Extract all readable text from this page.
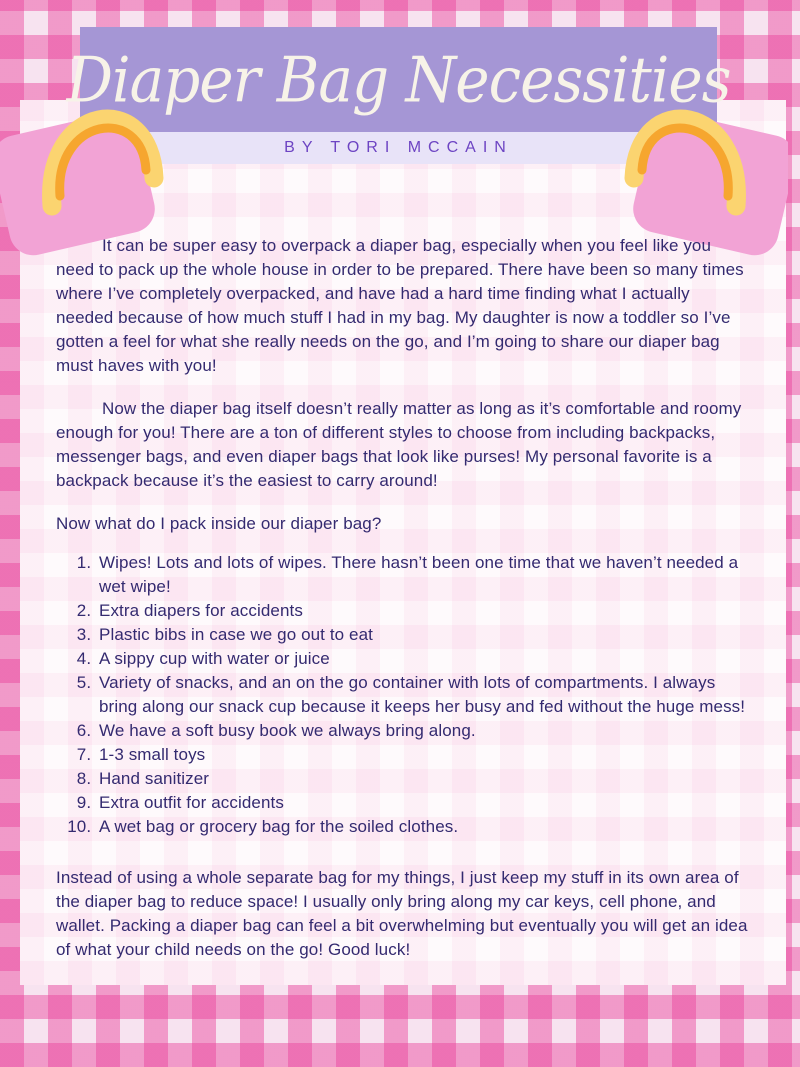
Diaper Bag Necessities
BY TORI MCCAIN

It can be super easy to overpack a diaper bag, especially when you feel like you need to pack up the whole house in order to be prepared. There have been so many times where I’ve completely overpacked, and have had a hard time finding what I actually needed because of how much stuff I had in my bag. My daughter is now a toddler so I’ve gotten a feel for what she really needs on the go, and I’m going to share our diaper bag must haves with you!

Now the diaper bag itself doesn’t really matter as long as it’s comfortable and roomy enough for you! There are a ton of different styles to choose from including backpacks, messenger bags, and even diaper bags that look like purses! My personal favorite is a backpack because it’s the easiest to carry around!

Now what do I pack inside our diaper bag?

1. Wipes! Lots and lots of wipes. There hasn’t been one time that we haven’t needed a wet wipe!
2. Extra diapers for accidents
3. Plastic bibs in case we go out to eat
4. A sippy cup with water or juice
5. Variety of snacks, and an on the go container with lots of compartments. I always bring along our snack cup because it keeps her busy and fed without the huge mess!
6. We have a soft busy book we always bring along.
7. 1-3 small toys
8. Hand sanitizer
9. Extra outfit for accidents
10. A wet bag or grocery bag for the soiled clothes.

Instead of using a whole separate bag for my things, I just keep my stuff in its own area of the diaper bag to reduce space! I usually only bring along my car keys, cell phone, and wallet. Packing a diaper bag can feel a bit overwhelming but eventually you will get an idea of what your child needs on the go! Good luck!
